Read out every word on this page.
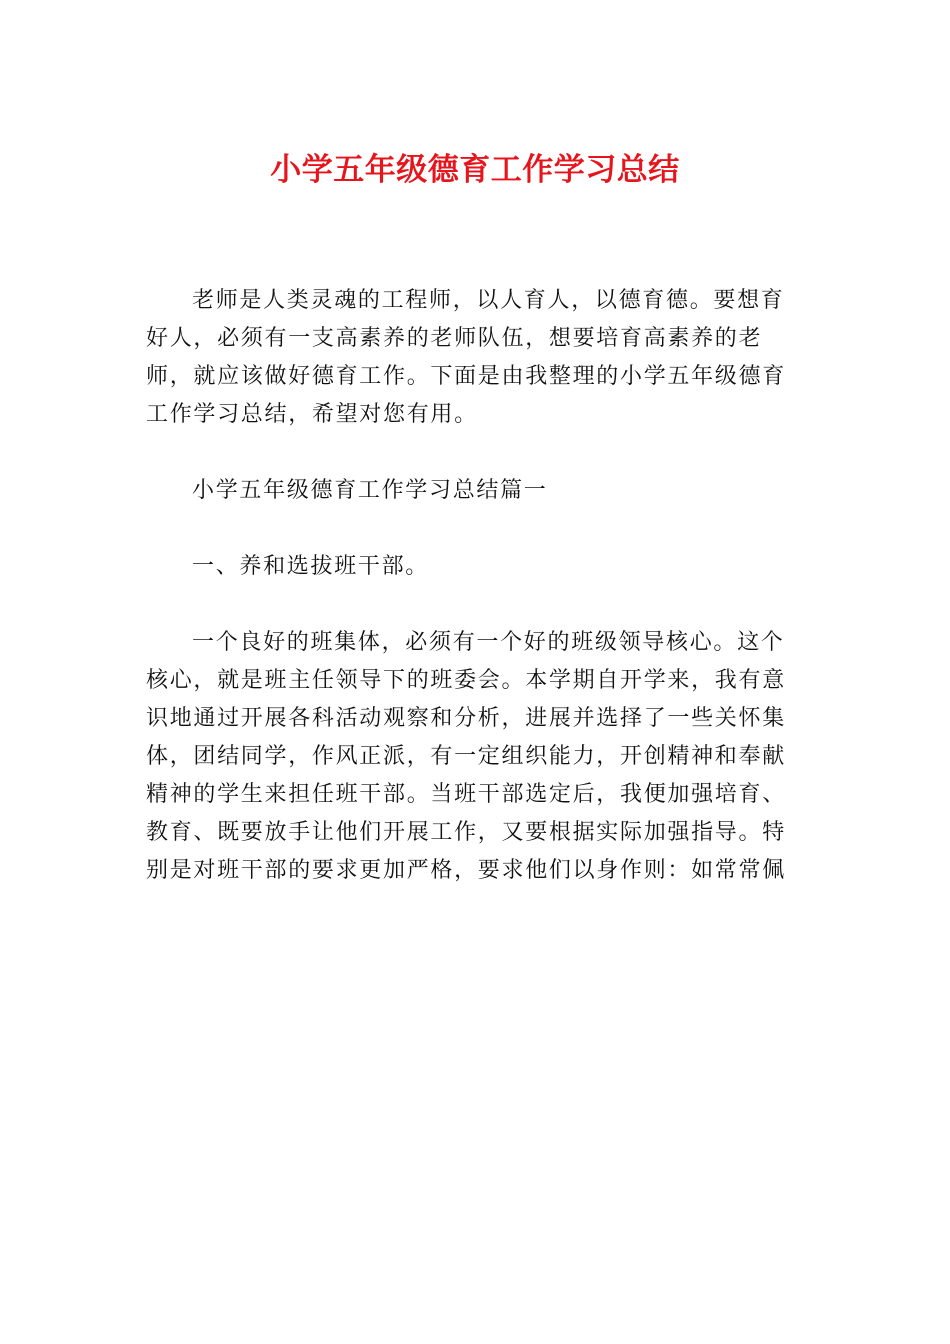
小学五年级德育工作学习总结

老师是人类灵魂的工程师，以人育人，以德育德。要想育好人，必须有一支高素养的老师队伍，想要培育高素养的老师，就应该做好德育工作。下面是由我整理的小学五年级德育工作学习总结，希望对您有用。

小学五年级德育工作学习总结篇一

一、养和选拔班干部。

一个良好的班集体，必须有一个好的班级领导核心。这个核心，就是班主任领导下的班委会。本学期自开学来，我有意识地通过开展各科活动观察和分析，进展并选择了一些关怀集体，团结同学，作风正派，有一定组织能力，开创精神和奉献精神的学生来担任班干部。当班干部选定后，我便加强培育、教育、既要放手让他们开展工作，又要根据实际加强指导。特别是对班干部的要求更加严格，要求他们以身作则：如常常佩
